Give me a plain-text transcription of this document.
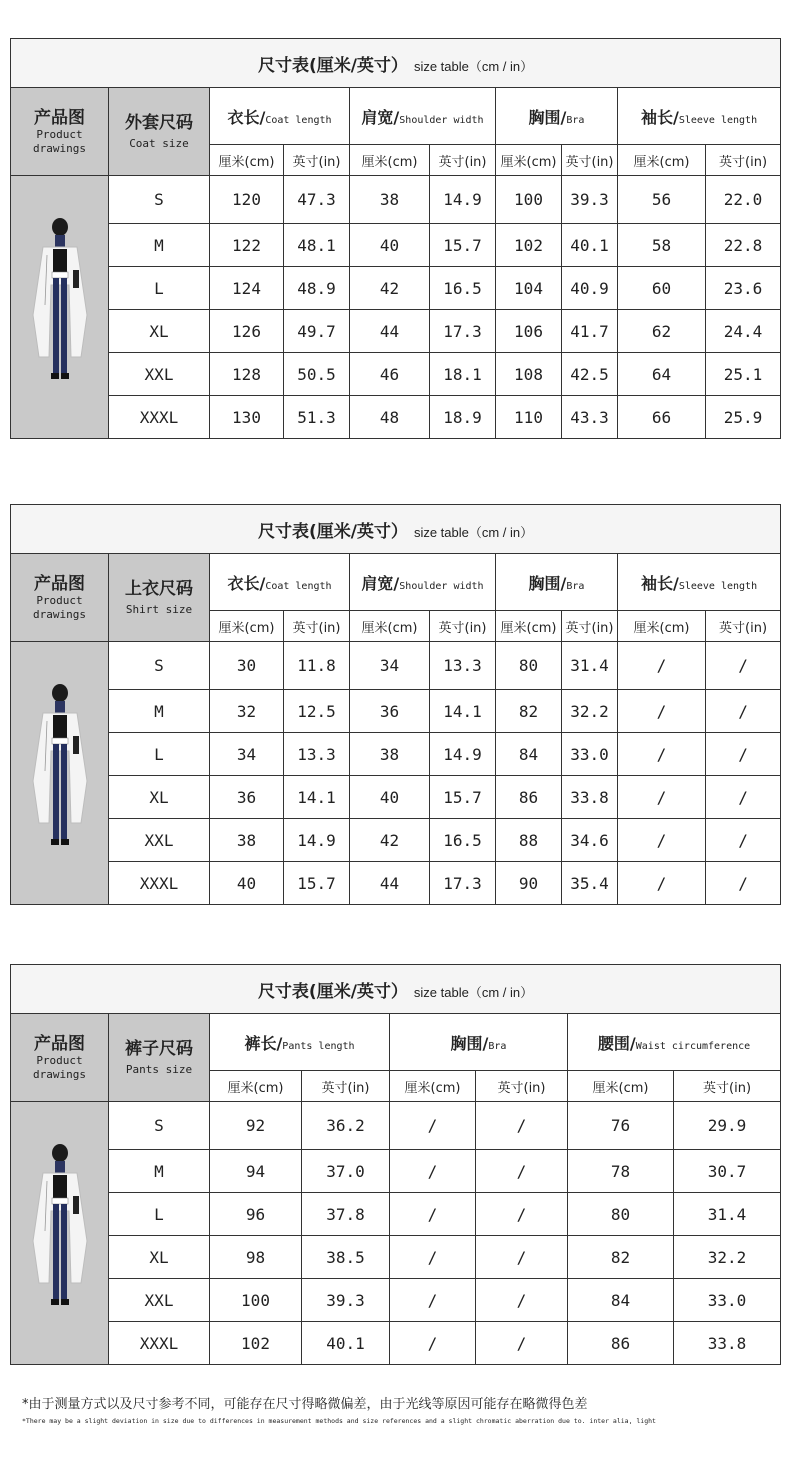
尺寸表(厘米/英寸） size table（cm / in）									

产品图
Product
drawings	外套尺码
Coat size	衣长/Coat length		肩宽/Shoulder width		胸围/Bra		袖长/Sleeve length	
		厘米(cm)	英寸(in)	厘米(cm)	英寸(in)	厘米(cm)	英寸(in)	厘米(cm)	英寸(in)
	S	120	47.3	38	14.9	100	39.3	56	22.0
	M	122	48.1	40	15.7	102	40.1	58	22.8
	L	124	48.9	42	16.5	104	40.9	60	23.6
	XL	126	49.7	44	17.3	106	41.7	62	24.4
	XXL	128	50.5	46	18.1	108	42.5	64	25.1
	XXXL	130	51.3	48	18.9	110	43.3	66	25.9
尺寸表(厘米/英寸） size table（cm / in）									

产品图
Product
drawings	上衣尺码
Shirt size	衣长/Coat length		肩宽/Shoulder width		胸围/Bra		袖长/Sleeve length	
		厘米(cm)	英寸(in)	厘米(cm)	英寸(in)	厘米(cm)	英寸(in)	厘米(cm)	英寸(in)
	S	30	11.8	34	13.3	80	31.4	/	/
	M	32	12.5	36	14.1	82	32.2	/	/
	L	34	13.3	38	14.9	84	33.0	/	/
	XL	36	14.1	40	15.7	86	33.8	/	/
	XXL	38	14.9	42	16.5	88	34.6	/	/
	XXXL	40	15.7	44	17.3	90	35.4	/	/
尺寸表(厘米/英寸） size table（cm / in）							

产品图
Product
drawings	裤子尺码
Pants size	裤长/Pants length		胸围/Bra		腰围/Waist circumference	
		厘米(cm)	英寸(in)	厘米(cm)	英寸(in)	厘米(cm)	英寸(in)
	S	92	36.2	/	/	76	29.9
	M	94	37.0	/	/	78	30.7
	L	96	37.8	/	/	80	31.4
	XL	98	38.5	/	/	82	32.2
	XXL	100	39.3	/	/	84	33.0
	XXXL	102	40.1	/	/	86	33.8
*由于测量方式以及尺寸参考不同，可能存在尺寸得略微偏差，由于光线等原因可能存在略微得色差
*There may be a slight deviation in size due to differences in measurement methods and size references and a slight chromatic aberration due to. inter alia, light
